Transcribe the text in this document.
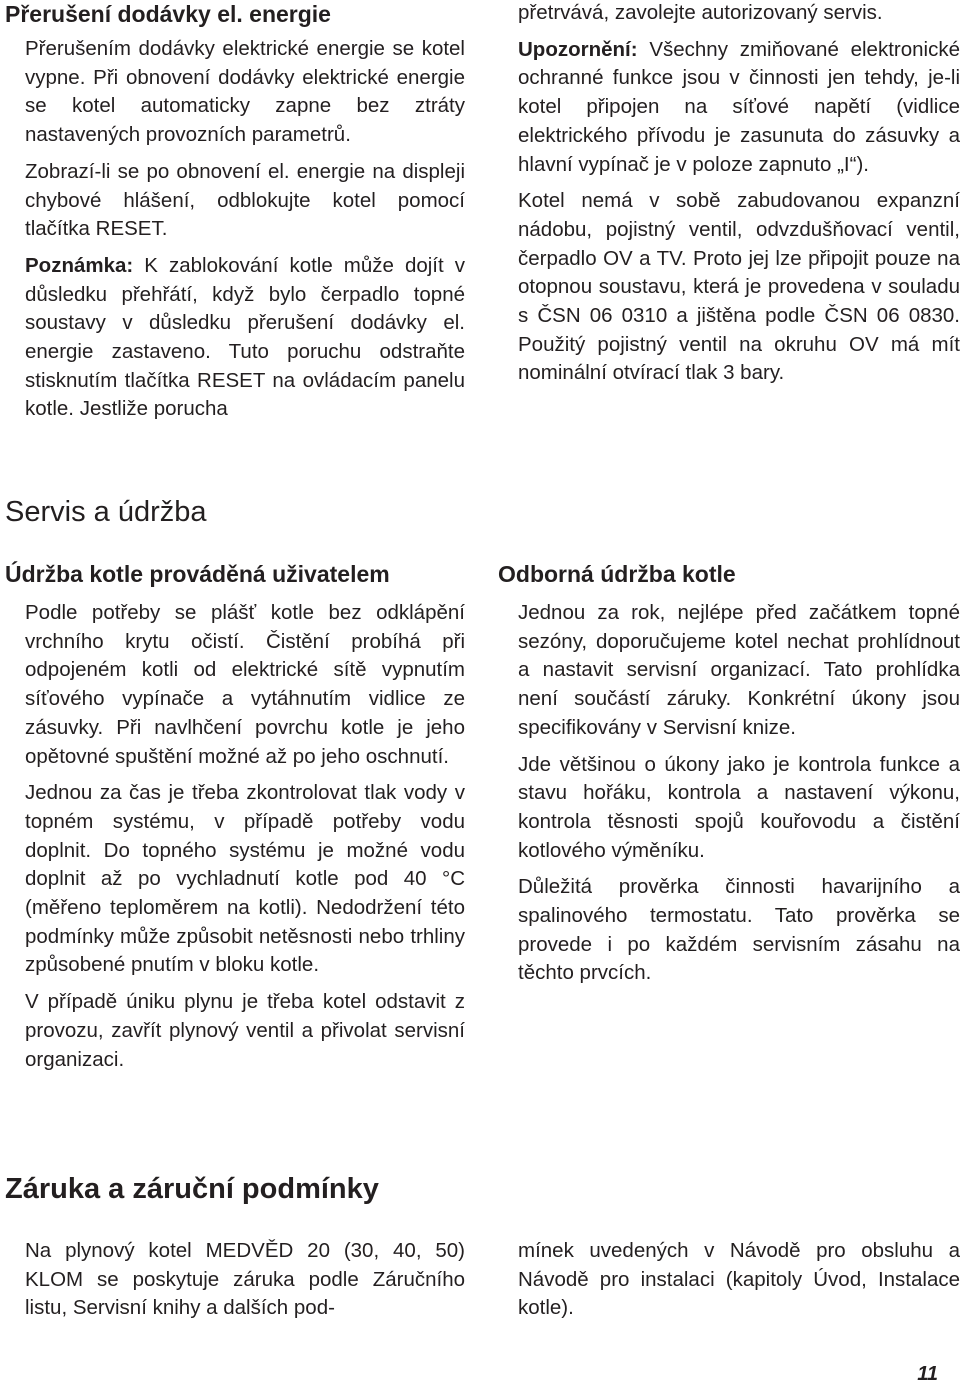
Přerušení dodávky el. energie

Přerušením dodávky elektrické energie se kotel vypne. Při obnovení dodávky elektrické energie se kotel automaticky zapne bez ztráty nastavených provozních parametrů.

Zobrazí-li se po obnovení el. energie na displeji chybové hlášení, odblokujte kotel pomocí tlačítka RESET.

Poznámka: K zablokování kotle může dojít v důsledku přehřátí, když bylo čerpadlo topné soustavy v důsledku přerušení dodávky el. energie zastaveno. Tuto poruchu odstraňte stisknutím tlačítka RESET na ovládacím panelu kotle. Jestliže porucha

přetrvává, zavolejte autorizovaný servis.

Upozornění: Všechny zmiňované elektronické ochranné funkce jsou v činnosti jen tehdy, je-li kotel připojen na síťové napětí (vidlice elektrického přívodu je zasunuta do zásuvky a hlavní vypínač je v poloze zapnuto „I“).

Kotel nemá v sobě zabudovanou expanzní nádobu, pojistný ventil, odvzdušňovací ventil, čerpadlo OV a TV. Proto jej lze připojit pouze na otopnou soustavu, která je provedena v souladu s ČSN 06 0310 a jištěna podle ČSN 06 0830. Použitý pojistný ventil na okruhu OV má mít nominální otvírací tlak 3 bary.

Servis a údržba
Údržba kotle prováděná uživatelem

Podle potřeby se plášť kotle bez odklápění vrchního krytu očistí. Čistění probíhá při odpojeném kotli od elektrické sítě vypnutím síťového vypínače a vytáhnutím vidlice ze zásuvky. Při navlhčení povrchu kotle je jeho opětovné spuštění možné až po jeho oschnutí.

Jednou za čas je třeba zkontrolovat tlak vody v topném systému, v případě potřeby vodu doplnit. Do topného systému je možné vodu doplnit až po vychladnutí kotle pod 40 °C (měřeno teploměrem na kotli). Nedodržení této podmínky může způsobit netěsnosti nebo trhliny způsobené pnutím v bloku kotle.

V případě úniku plynu je třeba kotel odstavit z provozu, zavřít plynový ventil a přivolat servisní organizaci.

Odborná údržba kotle

Jednou za rok, nejlépe před začátkem topné sezóny, doporučujeme kotel nechat prohlídnout a nastavit servisní organizací. Tato prohlídka není součástí záruky. Konkrétní úkony jsou specifikovány v Servisní knize.

Jde většinou o úkony jako je kontrola funkce a stavu hořáku, kontrola a nastavení výkonu, kontrola těsnosti spojů kouřovodu a čistění kotlového výměníku.

Důležitá prověrka činnosti havarijního a spalinového termostatu. Tato prověrka se provede i po každém servisním zásahu na těchto prvcích.

Záruka a záruční podmínky

Na plynový kotel MEDVĚD 20 (30, 40, 50) KLOM se poskytuje záruka podle Záručního listu, Servisní knihy a dalších pod-

mínek uvedených v Návodě pro obsluhu a Návodě pro instalaci (kapitoly Úvod, Instalace kotle).

11
